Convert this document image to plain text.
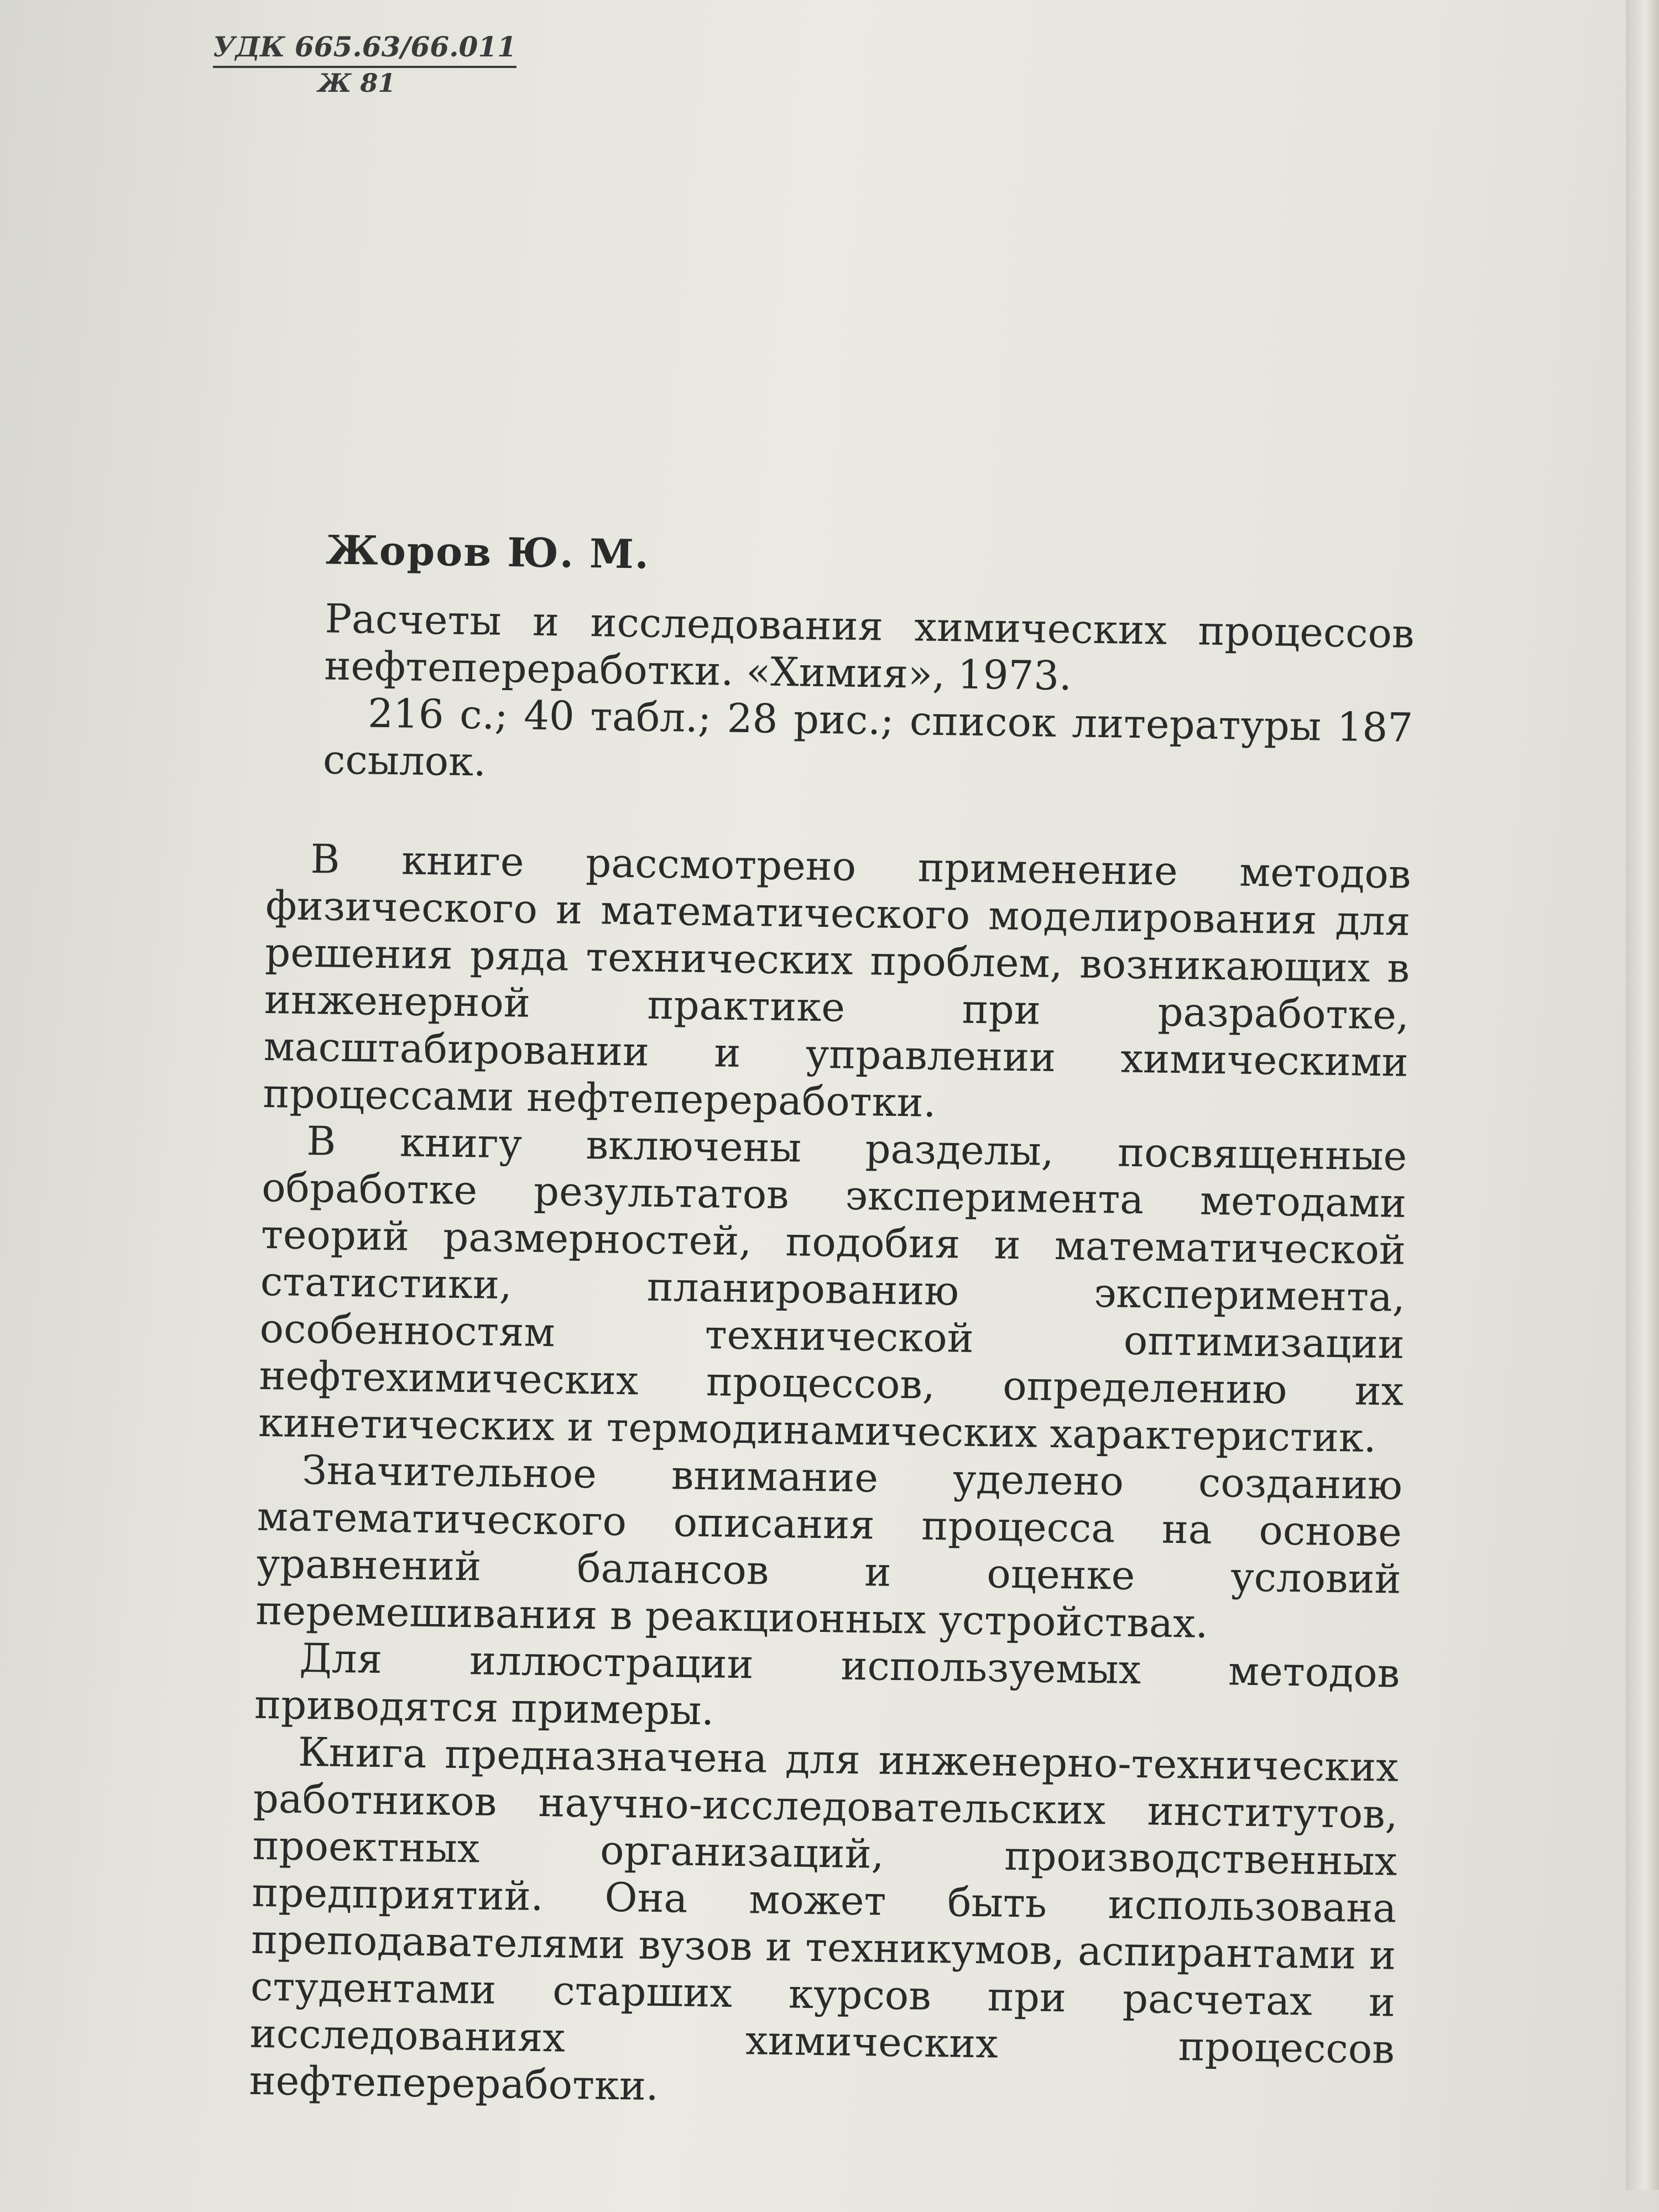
УДК 665.63/66.011
Ж 81
Жоров Ю. М.

Расчеты и исследования химических процессов нефтепереработки. «Химия», 1973.

216 с.; 40 табл.; 28 рис.; список литературы 187 ссылок.

В книге рассмотрено применение методов физического и математического моделирования для решения ряда технических проблем, возникающих в инженерной практике при разработке, масштабировании и управлении химическими процессами нефтепереработки.

В книгу включены разделы, посвященные обработке результатов эксперимента методами теорий размерностей, подобия и математической статистики, планированию эксперимента, особенностям технической оптимизации нефтехимических процессов, определению их кинетических и термодинамических характеристик.

Значительное внимание уделено созданию математического описания процесса на основе уравнений балансов и оценке условий перемешивания в реакционных устройствах.

Для иллюстрации используемых методов приводятся примеры.

Книга предназначена для инженерно-технических работников научно-исследовательских институтов, проектных организаций, производственных предприятий. Она может быть использована преподавателями вузов и техникумов, аспирантами и студентами старших курсов при расчетах и исследованиях химических процессов нефтепереработки.
